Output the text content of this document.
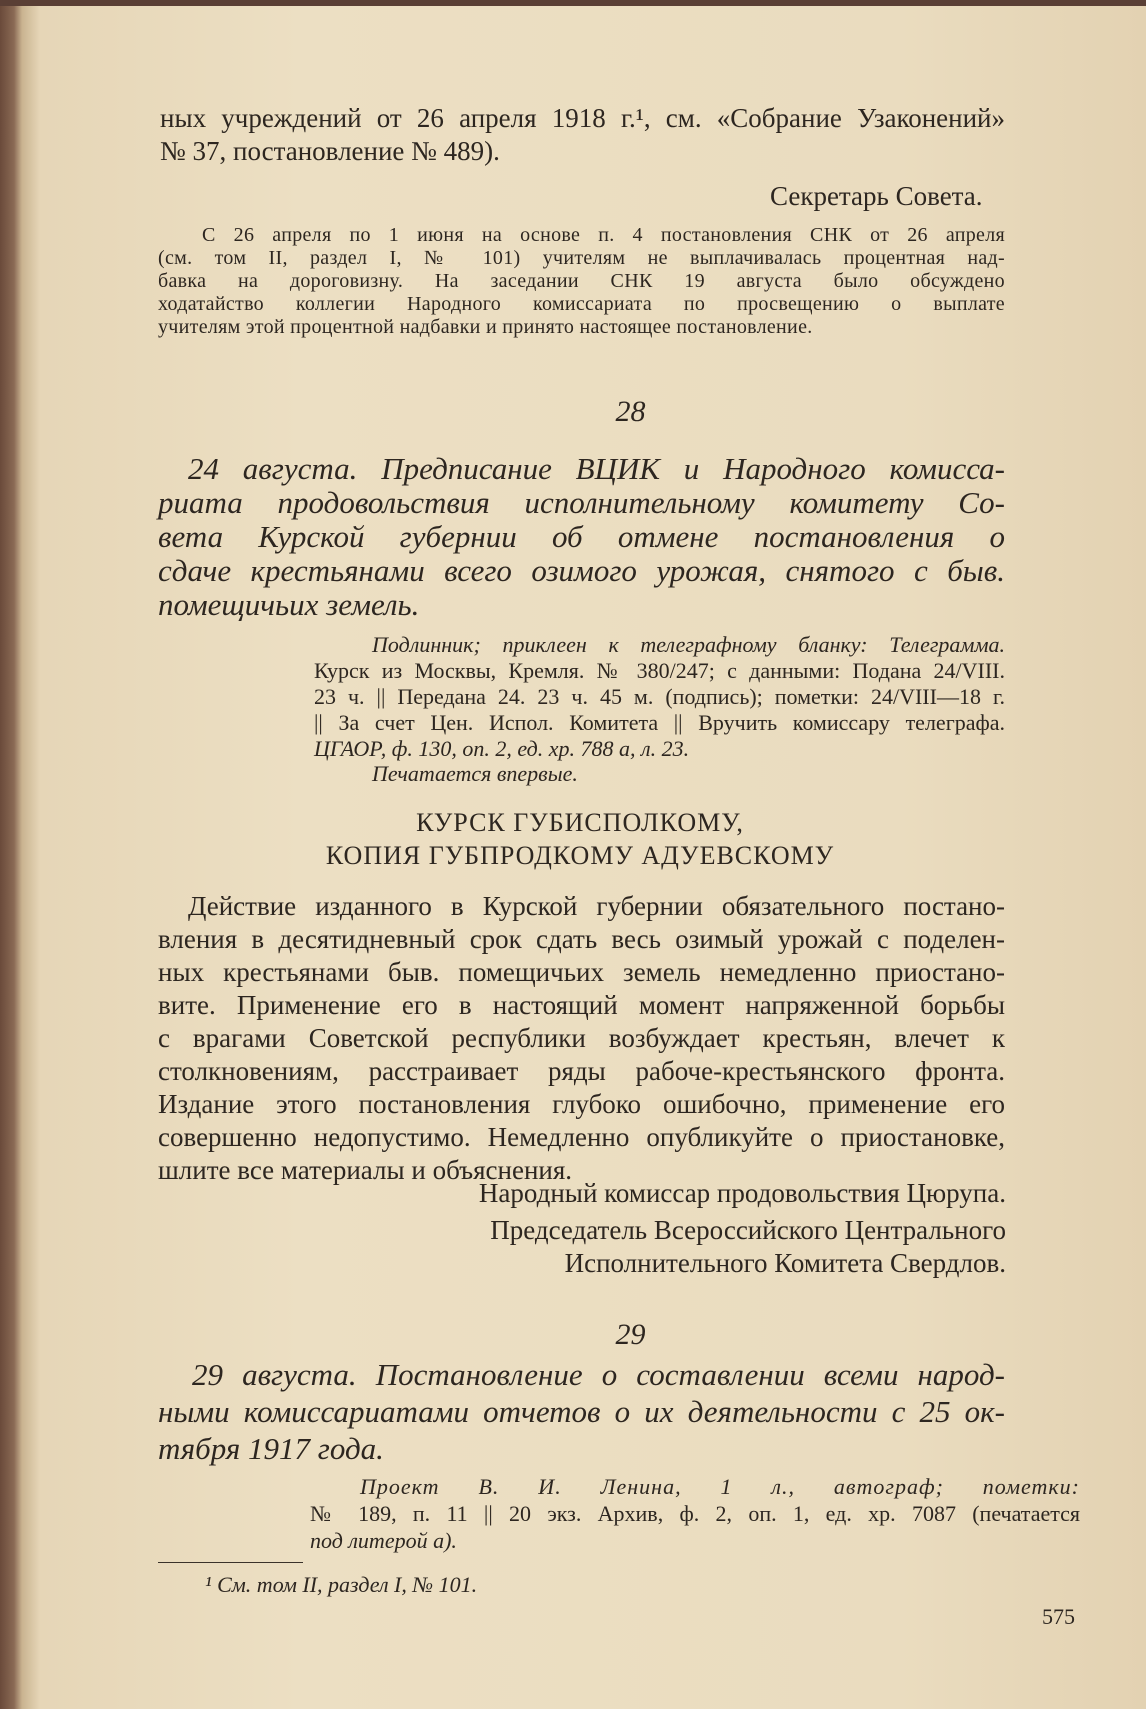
ных учреждений от 26 апреля 1918 г.¹, см. «Собрание Узаконений»
№ 37, постановление № 489).
Секретарь Совета.
С 26 апреля по 1 июня на основе п. 4 постановления СНК от 26 апреля
(см. том II, раздел I, № 101) учителям не выплачивалась процентная над-
бавка на дороговизну. На заседании СНК 19 августа было обсуждено
ходатайство коллегии Народного комиссариата по просвещению о выплате
учителям этой процентной надбавки и принято настоящее постановление.
28
24 августа. Предписание ВЦИК и Народного комисса-
риата продовольствия исполнительному комитету Со-
вета Курской губернии об отмене постановления о
сдаче крестьянами всего озимого урожая, снятого с быв.
помещичьих земель.
Подлинник; приклеен к телеграфному бланку: Телеграмма.
Курск из Москвы, Кремля. № 380/247; с данными: Подана 24/VIII.
23 ч. || Передана 24. 23 ч. 45 м. (подпись); пометки: 24/VIII—18 г.
|| За счет Цен. Испол. Комитета || Вручить комиссару телеграфа.
ЦГАОР, ф. 130, оп. 2, ед. хр. 788 а, л. 23.
Печатается впервые.
КУРСК ГУБИСПОЛКОМУ,
КОПИЯ ГУБПРОДКОМУ АДУЕВСКОМУ
Действие изданного в Курской губернии обязательного постано-
вления в десятидневный срок сдать весь озимый урожай с поделен-
ных крестьянами быв. помещичьих земель немедленно приостано-
вите. Применение его в настоящий момент напряженной борьбы
с врагами Советской республики возбуждает крестьян, влечет к
столкновениям, расстраивает ряды рабоче-крестьянского фронта.
Издание этого постановления глубоко ошибочно, применение его
совершенно недопустимо. Немедленно опубликуйте о приостановке,
шлите все материалы и объяснения.
Народный комиссар продовольствия Цюрупа.
Председатель Всероссийского Центрального
Исполнительного Комитета Свердлов.
29
29 августа. Постановление о составлении всеми народ-
ными комиссариатами отчетов о их деятельности с 25 ок-
тября 1917 года.
Проект В. И. Ленина, 1 л., автограф; пометки:
№ 189, п. 11 || 20 экз. Архив, ф. 2, оп. 1, ед. хр. 7087 (печатается
под литерой а).
¹ См. том II, раздел I, № 101.
575
